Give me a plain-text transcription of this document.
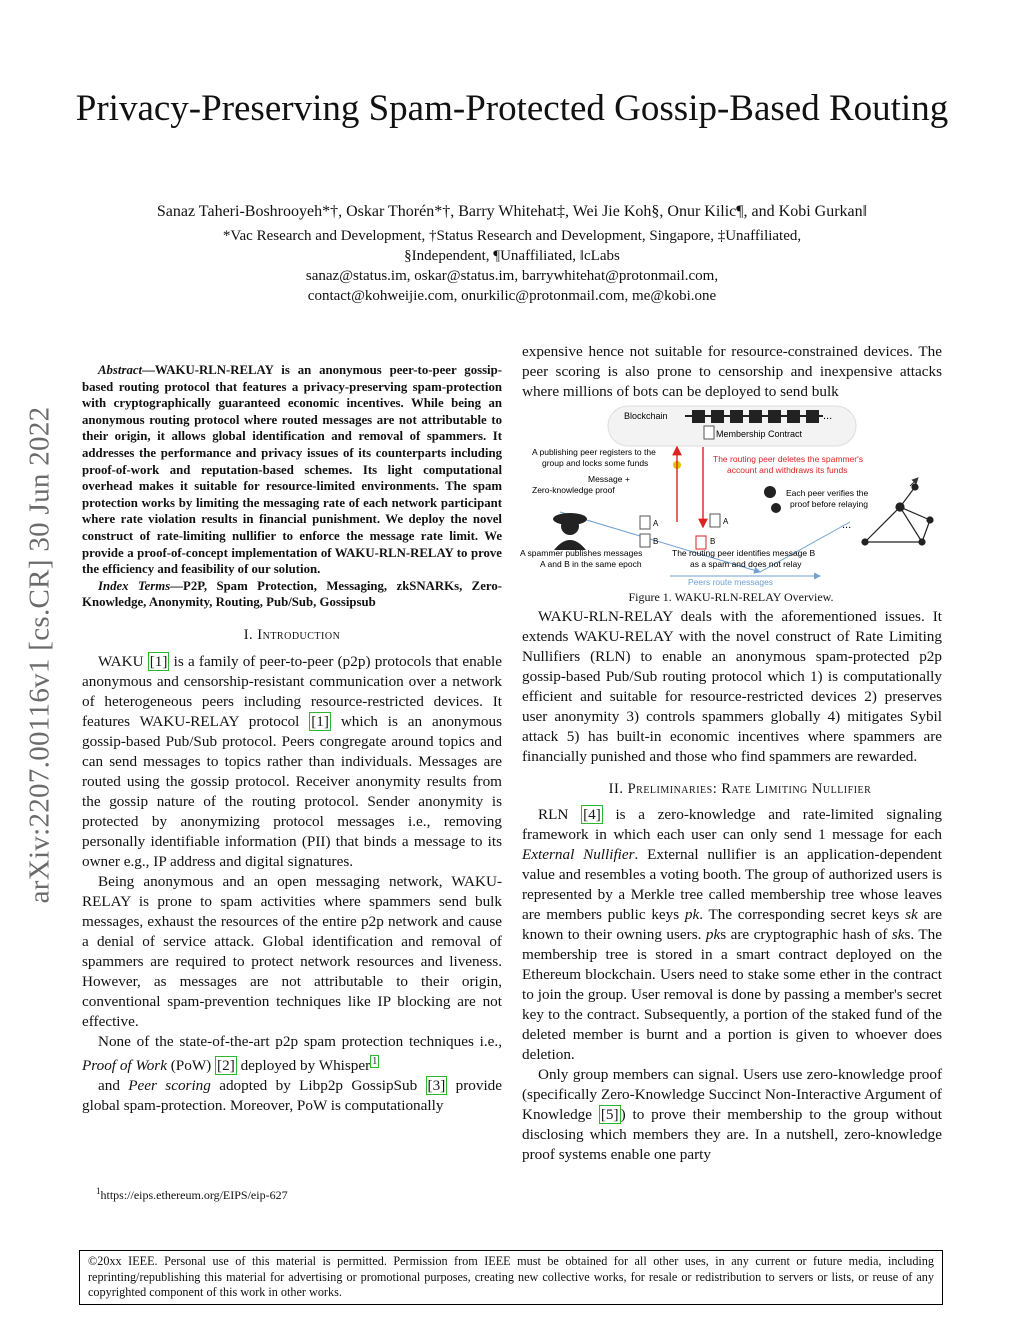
Privacy-Preserving Spam-Protected Gossip-Based Routing
Sanaz Taheri-Boshrooyeh*†, Oskar Thorén*†, Barry Whitehat‡, Wei Jie Koh§, Onur Kilic¶, and Kobi Gurkan‖
*Vac Research and Development, †Status Research and Development, Singapore, ‡Unaffiliated,
§Independent, ¶Unaffiliated, ‖cLabs
sanaz@status.im, oskar@status.im, barrywhitehat@protonmail.com,
contact@kohweijie.com, onurkilic@protonmail.com, me@kobi.one
arXiv:2207.00116v1 [cs.CR] 30 Jun 2022

Abstract—WAKU-RLN-RELAY is an anonymous peer-to-peer gossip-based routing protocol that features a privacy-preserving spam-protection with cryptographically guaranteed economic incentives. While being an anonymous routing protocol where routed messages are not attributable to their origin, it allows global identification and removal of spammers. It addresses the performance and privacy issues of its counterparts including proof-of-work and reputation-based schemes. Its light computational overhead makes it suitable for resource-limited environments. The spam protection works by limiting the messaging rate of each network participant where rate violation results in financial punishment. We deploy the novel construct of rate-limiting nullifier to enforce the message rate limit. We provide a proof-of-concept implementation of WAKU-RLN-RELAY to prove the efficiency and feasibility of our solution.

Index Terms—P2P, Spam Protection, Messaging, zkSNARKs, Zero-Knowledge, Anonymity, Routing, Pub/Sub, Gossipsub

I. Introduction

WAKU [1] is a family of peer-to-peer (p2p) protocols that enable anonymous and censorship-resistant communication over a network of heterogeneous peers including resource-restricted devices. It features WAKU-RELAY protocol [1] which is an anonymous gossip-based Pub/Sub protocol. Peers congregate around topics and can send messages to topics rather than individuals. Messages are routed using the gossip protocol. Receiver anonymity results from the gossip nature of the routing protocol. Sender anonymity is protected by anonymizing protocol messages i.e., removing personally identifiable information (PII) that binds a message to its owner e.g., IP address and digital signatures.

Being anonymous and an open messaging network, WAKU-RELAY is prone to spam activities where spammers send bulk messages, exhaust the resources of the entire p2p network and cause a denial of service attack. Global identification and removal of spammers are required to protect network resources and liveness. However, as messages are not attributable to their origin, conventional spam-prevention techniques like IP blocking are not effective.

None of the state-of-the-art p2p spam protection techniques i.e., Proof of Work (PoW) [2] deployed by Whisper $^1$

and Peer scoring adopted by Libp2p GossipSub [3] provide global spam-protection. Moreover, PoW is computationally

$^1$https://eips.ethereum.org/EIPS/eip-627

expensive hence not suitable for resource-constrained devices. The peer scoring is also prone to censorship and inexpensive attacks where millions of bots can be deployed to send bulk

Blockchain	...
Membership Contract
A publishing peer registers to the
group and locks some funds
Message +
Zero-knowledge proof
The routing peer deletes the spammer's
account and withdraws its funds
Peers route messages
A spammer publishes messages
A and B in the same epoch
A
B
A
B
The routing peer identifies message B
as a spam and does not relay
Each peer verifies the
proof before relaying
...
Figure 1. WAKU-RLN-RELAY Overview.

WAKU-RLN-RELAY deals with the aforementioned issues. It extends WAKU-RELAY with the novel construct of Rate Limiting Nullifiers (RLN) to enable an anonymous spam-protected p2p gossip-based Pub/Sub routing protocol which 1) is computationally efficient and suitable for resource-restricted devices 2) preserves user anonymity 3) controls spammers globally 4) mitigates Sybil attack 5) has built-in economic incentives where spammers are financially punished and those who find spammers are rewarded.

II. Preliminaries: Rate Limiting Nullifier

RLN [4] is a zero-knowledge and rate-limited signaling framework in which each user can only send 1 message for each External Nullifier. External nullifier is an application-dependent value and resembles a voting booth. The group of authorized users is represented by a Merkle tree called membership tree whose leaves are members public keys pk. The corresponding secret keys sk are known to their owning users. pks are cryptographic hash of sks. The membership tree is stored in a smart contract deployed on the Ethereum blockchain. Users need to stake some ether in the contract to join the group. User removal is done by passing a member's secret key to the contract. Subsequently, a portion of the staked fund of the deleted member is burnt and a portion is given to whoever does deletion.

Only group members can signal. Users use zero-knowledge proof (specifically Zero-Knowledge Succinct Non-Interactive Argument of Knowledge [5] ) to prove their membership to the group without disclosing which members they are. In a nutshell, zero-knowledge proof systems enable one party

©20xx IEEE. Personal use of this material is permitted. Permission from IEEE must be obtained for all other uses, in any current or future media, including reprinting/republishing this material for advertising or promotional purposes, creating new collective works, for resale or redistribution to servers or lists, or reuse of any copyrighted component of this work in other works.
